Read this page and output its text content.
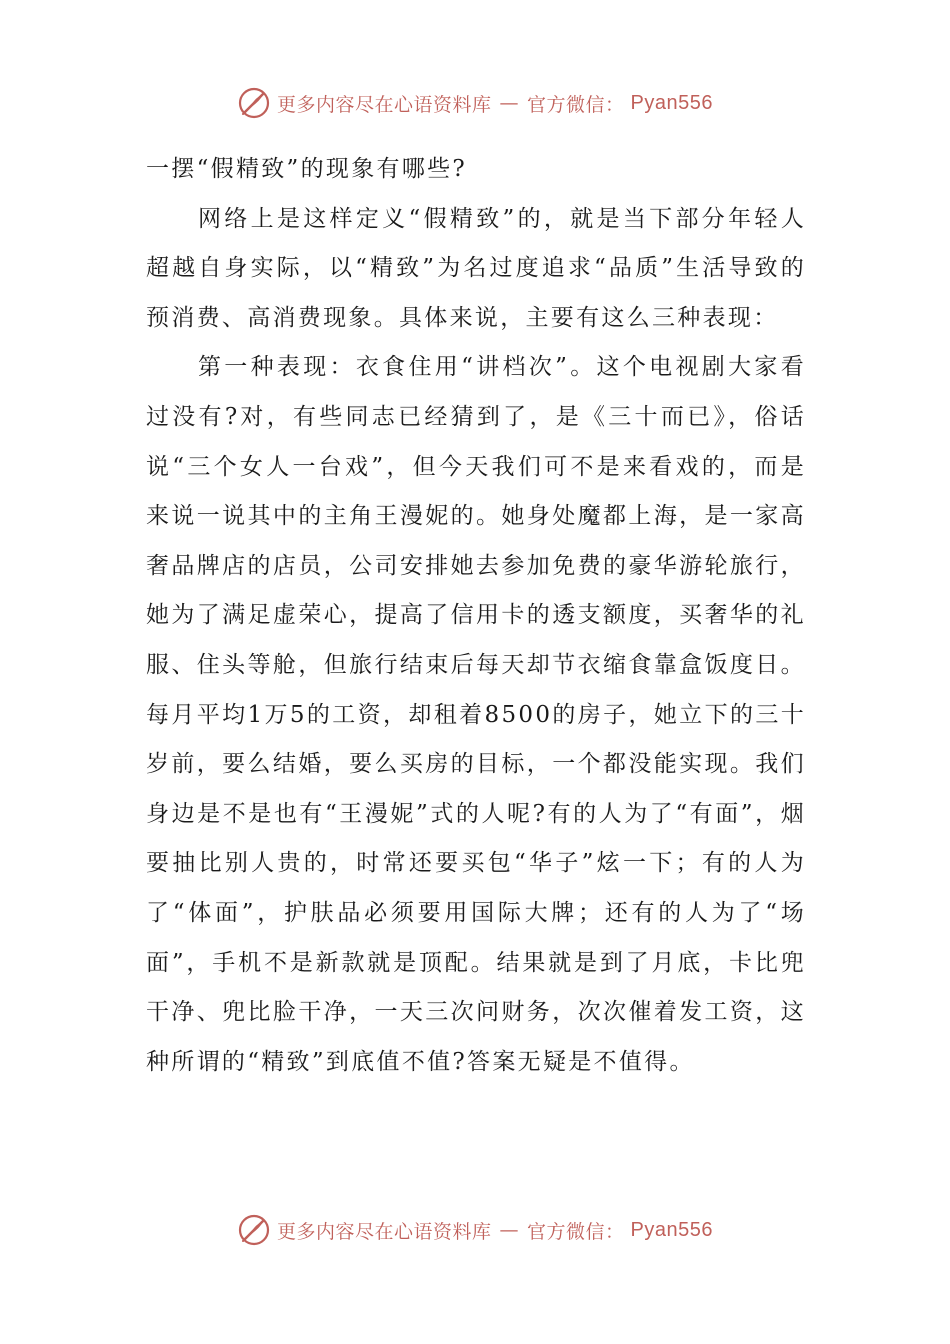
更多内容尽在心语资料库 — 官方微信： Pyan556

一摆“假精致”的现象有哪些?

网络上是这样定义“假精致”的，就是当下部分年轻人超越自身实际，以“精致”为名过度追求“品质”生活导致的预消费、高消费现象。具体来说，主要有这么三种表现：

第一种表现：衣食住用“讲档次”。这个电视剧大家看过没有?对，有些同志已经猜到了，是《三十而已》，俗话说“三个女人一台戏”，但今天我们可不是来看戏的，而是来说一说其中的主角王漫妮的。她身处魔都上海，是一家高奢品牌店的店员，公司安排她去参加免费的豪华游轮旅行，她为了满足虚荣心，提高了信用卡的透支额度，买奢华的礼服、住头等舱，但旅行结束后每天却节衣缩食靠盒饭度日。每月平均1万5的工资，却租着8500的房子，她立下的三十岁前，要么结婚，要么买房的目标，一个都没能实现。我们身边是不是也有“王漫妮”式的人呢?有的人为了“有面”，烟要抽比别人贵的，时常还要买包“华子”炫一下；有的人为了“体面”，护肤品必须要用国际大牌；还有的人为了“场面”，手机不是新款就是顶配。结果就是到了月底，卡比兜干净、兜比脸干净，一天三次问财务，次次催着发工资，这种所谓的“精致”到底值不值?答案无疑是不值得。

更多内容尽在心语资料库 — 官方微信： Pyan556
